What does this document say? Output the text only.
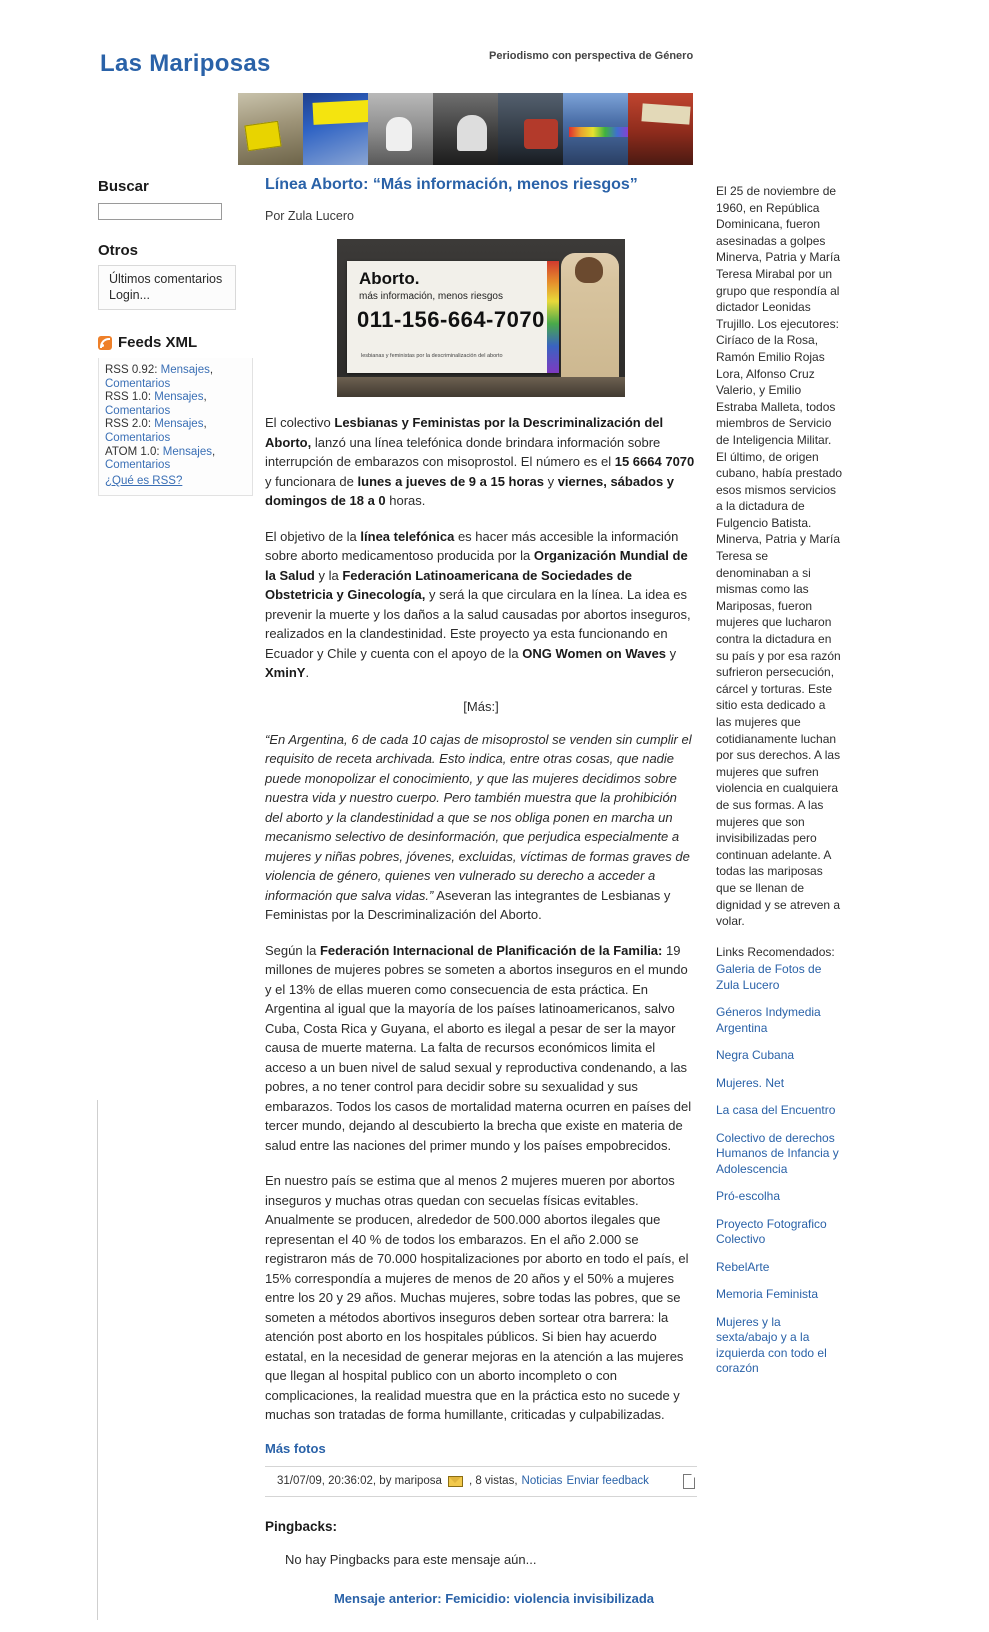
Las Mariposas	Periodismo con perspectiva de Género
Buscar
Otros
Últimos comentarios
Login...
Feeds XML
RSS 0.92: Mensajes,
Comentarios
RSS 1.0: Mensajes,
Comentarios
RSS 2.0: Mensajes,
Comentarios
ATOM 1.0: Mensajes,
Comentarios
¿Qué es RSS?
Línea Aborto: “Más información, menos riesgos”
Por Zula Lucero
Aborto.
más información, menos riesgos
011-156-664-7070
lesbianas y feministas por la descriminalización del aborto

El colectivo Lesbianas y Feministas por la Descriminalización del Aborto, lanzó una línea telefónica donde brindara información sobre interrupción de embarazos con misoprostol. El número es el 15 6664 7070 y funcionara de lunes a jueves de 9 a 15 horas y viernes, sábados y domingos de 18 a 0 horas.

El objetivo de la línea telefónica es hacer más accesible la información sobre aborto medicamentoso producida por la Organización Mundial de la Salud y la Federación Latinoamericana de Sociedades de Obstetricia y Ginecología, y será la que circulara en la línea. La idea es prevenir la muerte y los daños a la salud causadas por abortos inseguros, realizados en la clandestinidad. Este proyecto ya esta funcionando en Ecuador y Chile y cuenta con el apoyo de la ONG Women on Waves y XminY.

[Más:]

“En Argentina, 6 de cada 10 cajas de misoprostol se venden sin cumplir el requisito de receta archivada. Esto indica, entre otras cosas, que nadie puede monopolizar el conocimiento, y que las mujeres decidimos sobre nuestra vida y nuestro cuerpo. Pero también muestra que la prohibición del aborto y la clandestinidad a que se nos obliga ponen en marcha un mecanismo selectivo de desinformación, que perjudica especialmente a mujeres y niñas pobres, jóvenes, excluidas, víctimas de formas graves de violencia de género, quienes ven vulnerado su derecho a acceder a información que salva vidas.” Aseveran las integrantes de Lesbianas y Feministas por la Descriminalización del Aborto.

Según la Federación Internacional de Planificación de la Familia: 19 millones de mujeres pobres se someten a abortos inseguros en el mundo y el 13% de ellas mueren como consecuencia de esta práctica. En Argentina al igual que la mayoría de los países latinoamericanos, salvo Cuba, Costa Rica y Guyana, el aborto es ilegal a pesar de ser la mayor causa de muerte materna. La falta de recursos económicos limita el acceso a un buen nivel de salud sexual y reproductiva condenando, a las pobres, a no tener control para decidir sobre su sexualidad y sus embarazos. Todos los casos de mortalidad materna ocurren en países del tercer mundo, dejando al descubierto la brecha que existe en materia de salud entre las naciones del primer mundo y los países empobrecidos.

En nuestro país se estima que al menos 2 mujeres mueren por abortos inseguros y muchas otras quedan con secuelas físicas evitables. Anualmente se producen, alrededor de 500.000 abortos ilegales que representan el 40 % de todos los embarazos. En el año 2.000 se registraron más de 70.000 hospitalizaciones por aborto en todo el país, el 15% correspondía a mujeres de menos de 20 años y el 50% a mujeres entre los 20 y 29 años. Muchas mujeres, sobre todas las pobres, que se someten a métodos abortivos inseguros deben sortear otra barrera: la atención post aborto en los hospitales públicos. Si bien hay acuerdo estatal, en la necesidad de generar mejoras en la atención a las mujeres que llegan al hospital publico con un aborto incompleto o con complicaciones, la realidad muestra que en la práctica esto no sucede y muchas son tratadas de forma humillante, criticadas y culpabilizadas.

Más fotos
31/07/09, 20:36:02, by mariposa , 8 vistas, Noticias Enviar feedback
Pingbacks:
No hay Pingbacks para este mensaje aún...
Mensaje anterior: Femicidio: violencia invisibilizada
El 25 de noviembre de 1960, en República Dominicana, fueron asesinadas a golpes Minerva, Patria y María Teresa Mirabal por un grupo que respondía al dictador Leonidas Trujillo. Los ejecutores: Ciríaco de la Rosa, Ramón Emilio Rojas Lora, Alfonso Cruz Valerio, y Emilio Estraba Malleta, todos miembros de Servicio de Inteligencia Militar. El último, de origen cubano, había prestado esos mismos servicios a la dictadura de Fulgencio Batista. Minerva, Patria y María Teresa se denominaban a si mismas como las Mariposas, fueron mujeres que lucharon contra la dictadura en su país y por esa razón sufrieron persecución, cárcel y torturas. Este sitio esta dedicado a las mujeres que cotidianamente luchan por sus derechos. A las mujeres que sufren violencia en cualquiera de sus formas. A las mujeres que son invisibilizadas pero continuan adelante. A todas las mariposas que se llenan de dignidad y se atreven a volar.
Links Recomendados:
Galeria de Fotos de Zula Lucero
Géneros Indymedia Argentina
Negra Cubana
Mujeres. Net
La casa del Encuentro
Colectivo de derechos Humanos de Infancia y Adolescencia
Pró-escolha
Proyecto Fotografico Colectivo
RebelArte
Memoria Feminista
Mujeres y la sexta/abajo y a la izquierda con todo el corazón
